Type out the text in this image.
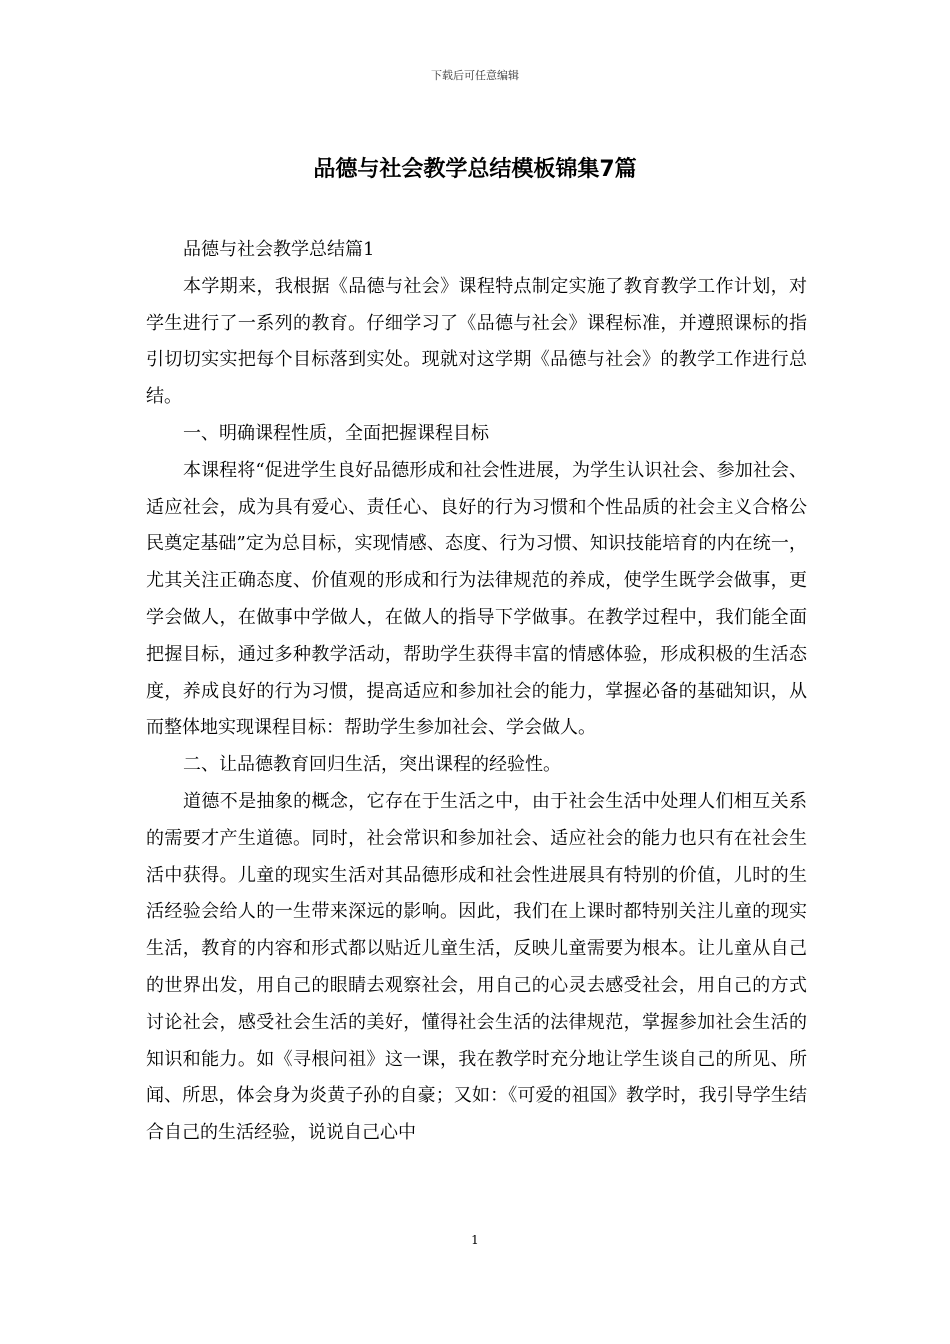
下载后可任意编辑
品德与社会教学总结模板锦集7篇

品德与社会教学总结篇1

本学期来，我根据《品德与社会》课程特点制定实施了教育教学工作计划，对学生进行了一系列的教育。仔细学习了《品德与社会》课程标准，并遵照课标的指引切切实实把每个目标落到实处。现就对这学期《品德与社会》的教学工作进行总结。

一、明确课程性质，全面把握课程目标

本课程将“促进学生良好品德形成和社会性进展，为学生认识社会、参加社会、适应社会，成为具有爱心、责任心、良好的行为习惯和个性品质的社会主义合格公民奠定基础”定为总目标，实现情感、态度、行为习惯、知识技能培育的内在统一，尤其关注正确态度、价值观的形成和行为法律规范的养成，使学生既学会做事，更学会做人，在做事中学做人，在做人的指导下学做事。在教学过程中，我们能全面把握目标，通过多种教学活动，帮助学生获得丰富的情感体验，形成积极的生活态度，养成良好的行为习惯，提高适应和参加社会的能力，掌握必备的基础知识，从而整体地实现课程目标：帮助学生参加社会、学会做人。

二、让品德教育回归生活，突出课程的经验性。

道德不是抽象的概念，它存在于生活之中，由于社会生活中处理人们相互关系的需要才产生道德。同时，社会常识和参加社会、适应社会的能力也只有在社会生活中获得。儿童的现实生活对其品德形成和社会性进展具有特别的价值，儿时的生活经验会给人的一生带来深远的影响。因此，我们在上课时都特别关注儿童的现实生活，教育的内容和形式都以贴近儿童生活，反映儿童需要为根本。让儿童从自己的世界出发，用自己的眼睛去观察社会，用自己的心灵去感受社会，用自己的方式讨论社会，感受社会生活的美好，懂得社会生活的法律规范，掌握参加社会生活的知识和能力。如《寻根问祖》这一课，我在教学时充分地让学生谈自己的所见、所闻、所思，体会身为炎黄子孙的自豪；又如：《可爱的祖国》教学时，我引导学生结合自己的生活经验，说说自己心中

1
